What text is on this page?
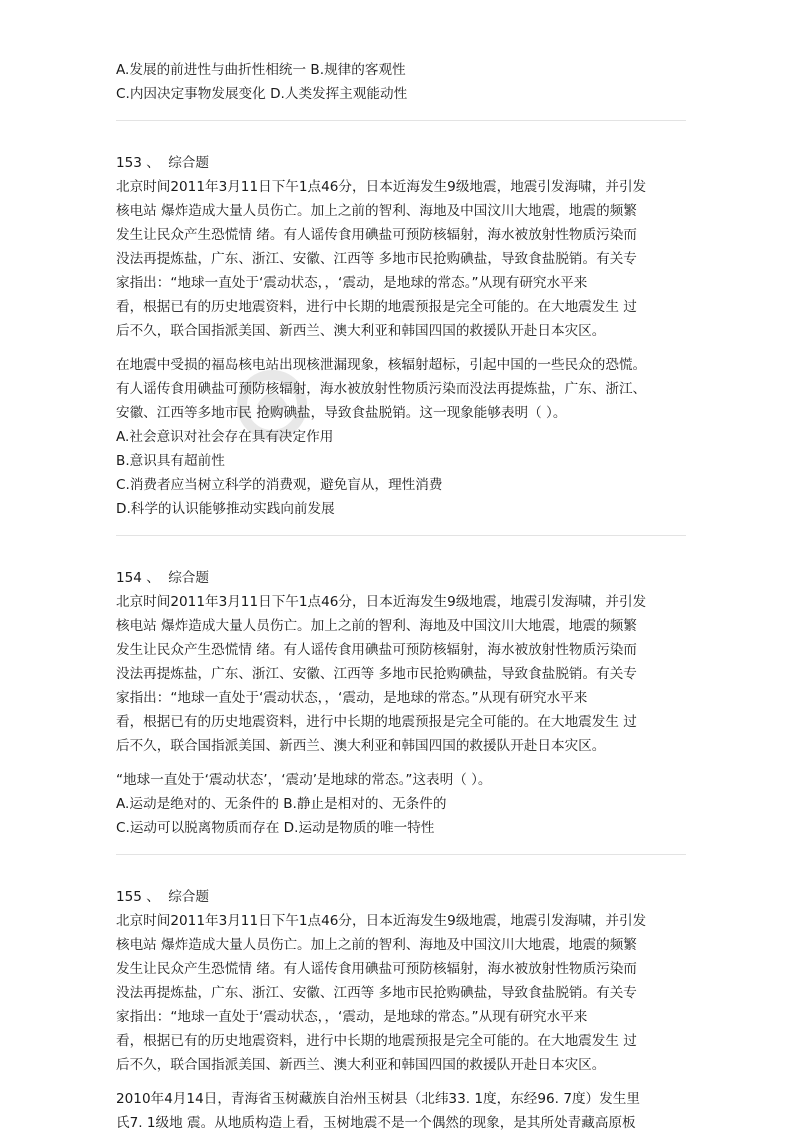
A.发展的前进性与曲折性相统一 B.规律的客观性
C.内因决定事物发展变化 D.人类发挥主观能动性
153 、 综合题
北京时间2011年3月11日下午1点46分，日本近海发生9级地震，地震引发海啸，并引发
核电站 爆炸造成大量人员伤亡。加上之前的智利、海地及中国汶川大地震，地震的频繁
发生让民众产生恐慌情 绪。有人谣传食用碘盐可预防核辐射，海水被放射性物质污染而
没法再提炼盐，广东、浙江、安徽、江西等 多地市民抢购碘盐，导致食盐脱销。有关专
家指出：“地球一直处于‘震动状态，，‘震动，是地球的常态。”从现有研究水平来
看，根据已有的历史地震资料，进行中长期的地震预报是完全可能的。在大地震发生 过
后不久，联合国指派美国、新西兰、澳大利亚和韩国四国的救援队开赴日本灾区。
在地震中受损的福岛核电站出现核泄漏现象，核辐射超标，引起中国的一些民众的恐慌。
有人谣传食用碘盐可预防核辐射，海水被放射性物质污染而没法再提炼盐，广东、浙江、
安徽、江西等多地市民 抢购碘盐，导致食盐脱销。这一现象能够表明（ ）。
A.社会意识对社会存在具有决定作用
B.意识具有超前性
C.消费者应当树立科学的消费观，避免盲从，理性消费
D.科学的认识能够推动实践向前发展
154 、 综合题
北京时间2011年3月11日下午1点46分，日本近海发生9级地震，地震引发海啸，并引发
核电站 爆炸造成大量人员伤亡。加上之前的智利、海地及中国汶川大地震，地震的频繁
发生让民众产生恐慌情 绪。有人谣传食用碘盐可预防核辐射，海水被放射性物质污染而
没法再提炼盐，广东、浙江、安徽、江西等 多地市民抢购碘盐，导致食盐脱销。有关专
家指出：“地球一直处于‘震动状态，，‘震动，是地球的常态。”从现有研究水平来
看，根据已有的历史地震资料，进行中长期的地震预报是完全可能的。在大地震发生 过
后不久，联合国指派美国、新西兰、澳大利亚和韩国四国的救援队开赴日本灾区。
“地球一直处于‘震动状态’，‘震动’是地球的常态。”这表明（ ）。
A.运动是绝对的、无条件的 B.静止是相对的、无条件的
C.运动可以脱离物质而存在 D.运动是物质的唯一特性
155 、 综合题
北京时间2011年3月11日下午1点46分，日本近海发生9级地震，地震引发海啸，并引发
核电站 爆炸造成大量人员伤亡。加上之前的智利、海地及中国汶川大地震，地震的频繁
发生让民众产生恐慌情 绪。有人谣传食用碘盐可预防核辐射，海水被放射性物质污染而
没法再提炼盐，广东、浙江、安徽、江西等 多地市民抢购碘盐，导致食盐脱销。有关专
家指出：“地球一直处于‘震动状态，，‘震动，是地球的常态。”从现有研究水平来
看，根据已有的历史地震资料，进行中长期的地震预报是完全可能的。在大地震发生 过
后不久，联合国指派美国、新西兰、澳大利亚和韩国四国的救援队开赴日本灾区。
2010年4月14日，青海省玉树藏族自治州玉树县（北纬33. 1度，东经96. 7度）发生里
氏7. 1级地 震。从地质构造上看，玉树地震不是一个偶然的现象，是其所处青藏高原板
